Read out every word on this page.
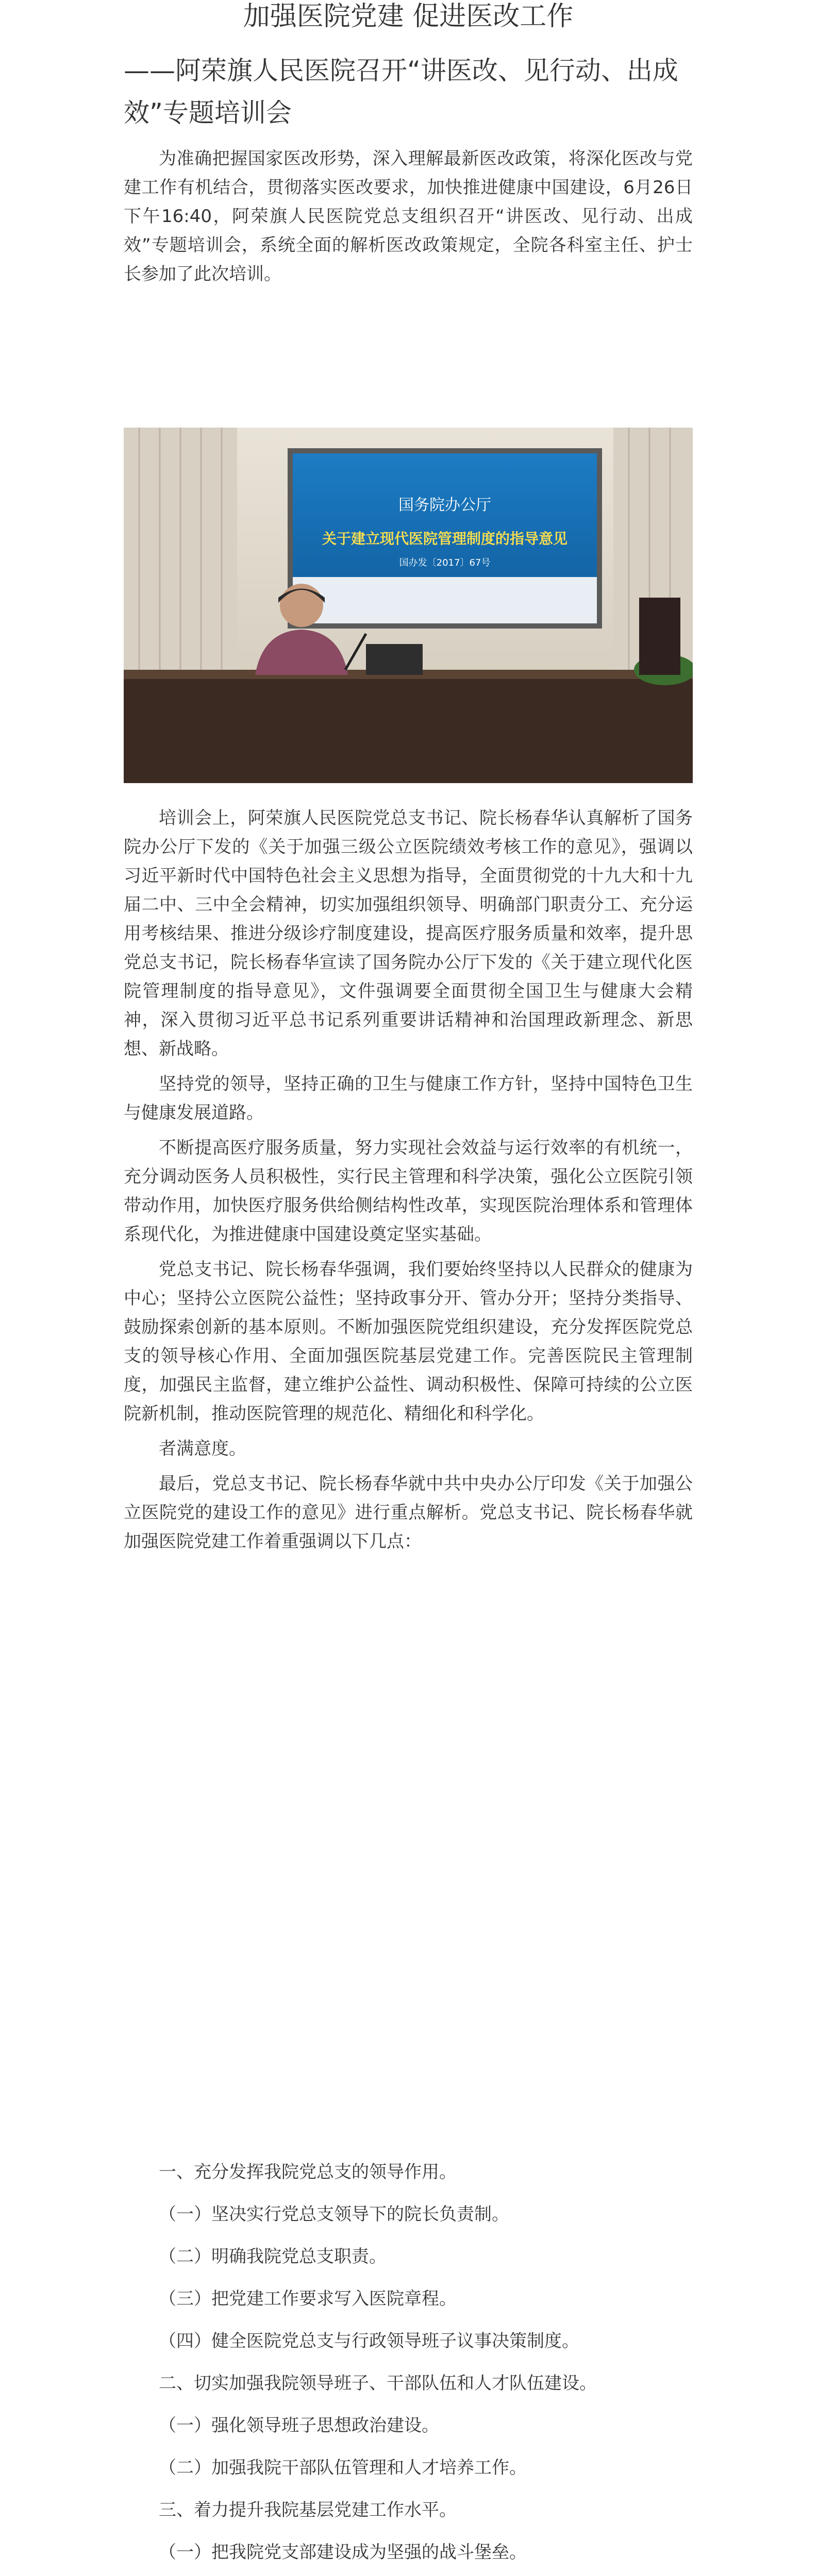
加强医院党建 促进医改工作
——阿荣旗人民医院召开“讲医改、见行动、出成效”专题培训会

为准确把握国家医改形势，深入理解最新医改政策，将深化医改与党建工作有机结合，贯彻落实医改要求，加快推进健康中国建设，6月26日下午16:40，阿荣旗人民医院党总支组织召开“讲医改、见行动、出成效”专题培训会，系统全面的解析医改政策规定，全院各科室主任、护士长参加了此次培训。

国务院办公厅
关于建立现代医院管理制度的指导意见
国办发〔2017〕67号

培训会上，阿荣旗人民医院党总支书记、院长杨春华认真解析了国务院办公厅下发的《关于加强三级公立医院绩效考核工作的意见》，强调以习近平新时代中国特色社会主义思想为指导，全面贯彻党的十九大和十九届二中、三中全会精神，切实加强组织领导、明确部门职责分工、充分运用考核结果、推进分级诊疗制度建设，提高医疗服务质量和效率，提升思党总支书记，院长杨春华宣读了国务院办公厅下发的《关于建立现代化医院管理制度的指导意见》，文件强调要全面贯彻全国卫生与健康大会精神，深入贯彻习近平总书记系列重要讲话精神和治国理政新理念、新思想、新战略。

坚持党的领导，坚持正确的卫生与健康工作方针，坚持中国特色卫生与健康发展道路。

不断提高医疗服务质量，努力实现社会效益与运行效率的有机统一，充分调动医务人员积极性，实行民主管理和科学决策，强化公立医院引领带动作用，加快医疗服务供给侧结构性改革，实现医院治理体系和管理体系现代化，为推进健康中国建设奠定坚实基础。

党总支书记、院长杨春华强调，我们要始终坚持以人民群众的健康为中心；坚持公立医院公益性；坚持政事分开、管办分开；坚持分类指导、鼓励探索创新的基本原则。不断加强医院党组织建设，充分发挥医院党总支的领导核心作用、全面加强医院基层党建工作。完善医院民主管理制度，加强民主监督，建立维护公益性、调动积极性、保障可持续的公立医院新机制，推动医院管理的规范化、精细化和科学化。

者满意度。

最后，党总支书记、院长杨春华就中共中央办公厅印发《关于加强公立医院党的建设工作的意见》进行重点解析。党总支书记、院长杨春华就加强医院党建工作着重强调以下几点：

一、充分发挥我院党总支的领导作用。
（一）坚决实行党总支领导下的院长负责制。
（二）明确我院党总支职责。
（三）把党建工作要求写入医院章程。
（四）健全医院党总支与行政领导班子议事决策制度。
二、切实加强我院领导班子、干部队伍和人才队伍建设。
（一）强化领导班子思想政治建设。
（二）加强我院干部队伍管理和人才培养工作。
三、着力提升我院基层党建工作水平。
（一）把我院党支部建设成为坚强的战斗堡垒。
